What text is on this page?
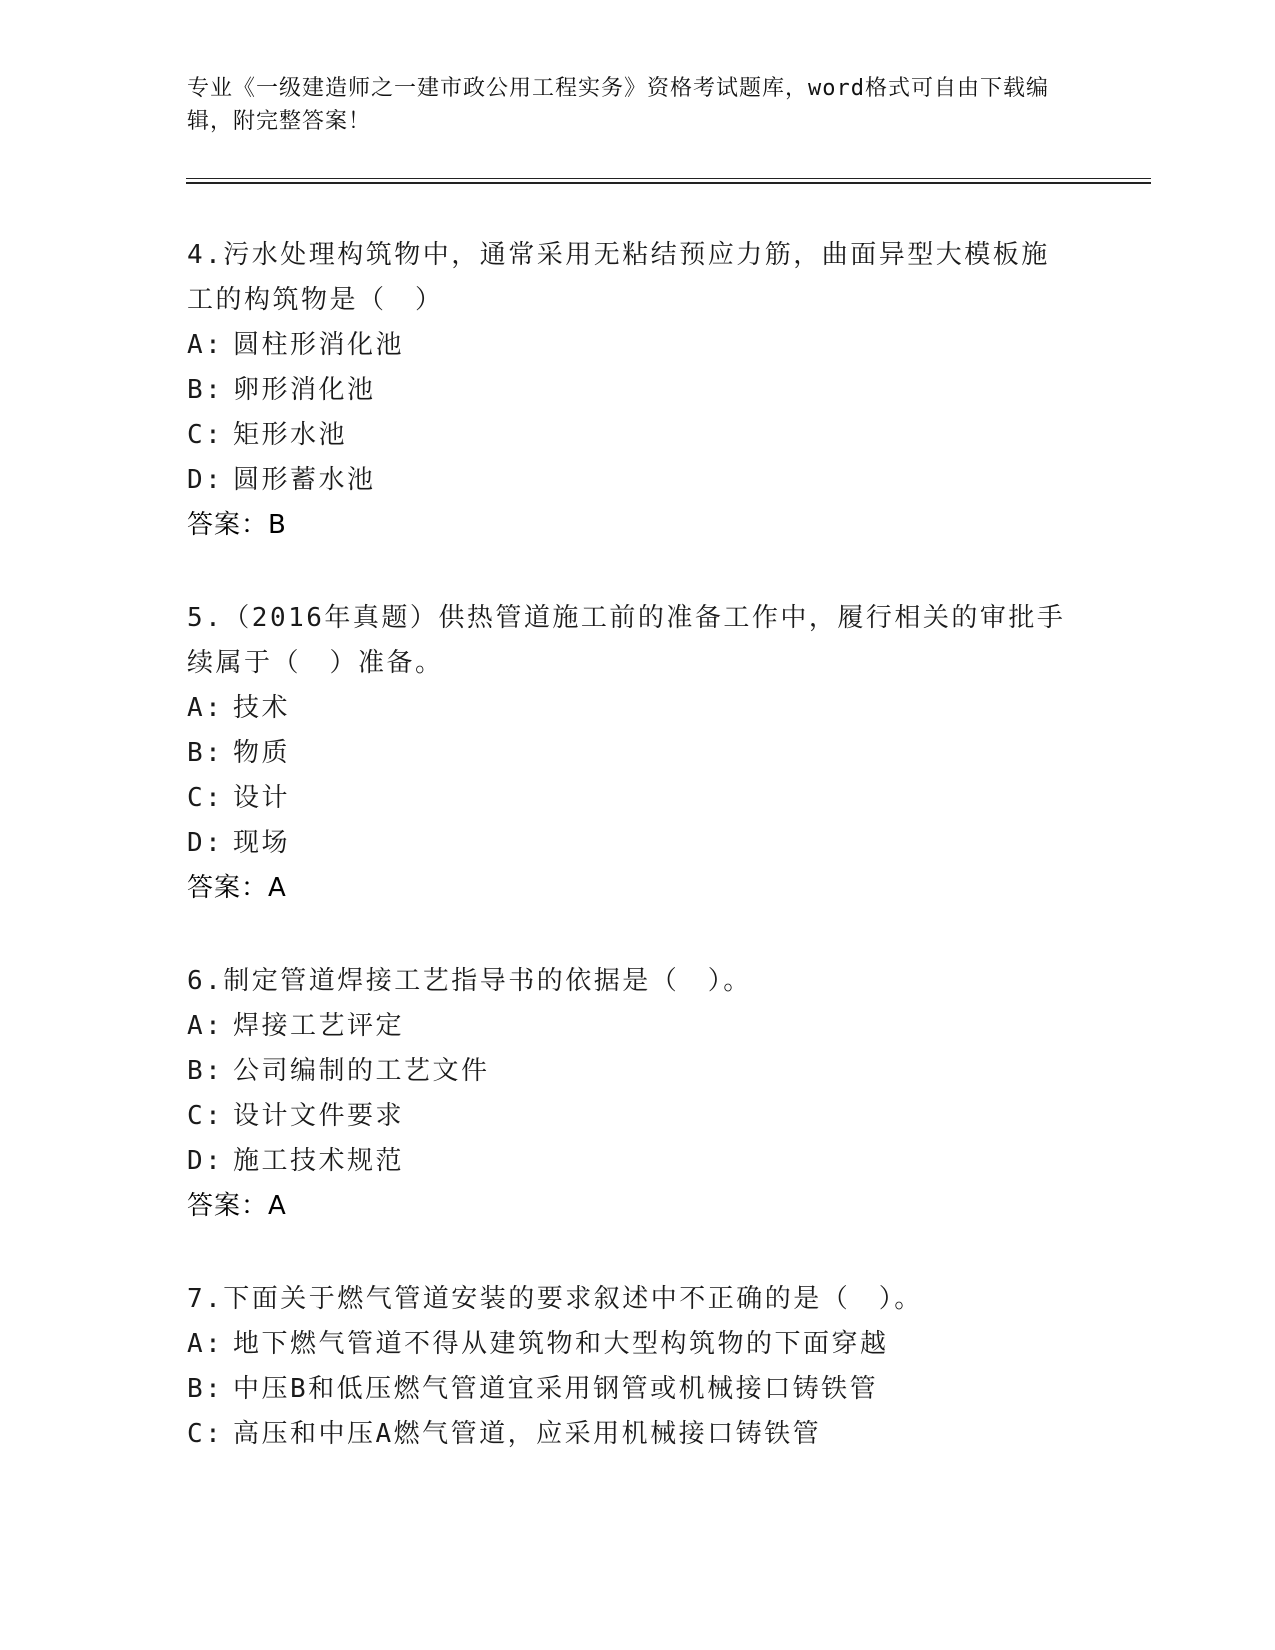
专业《一级建造师之一建市政公用工程实务》资格考试题库，word格式可自由下载编辑，附完整答案！

4.污水处理构筑物中，通常采用无粘结预应力筋，曲面异型大模板施工的构筑物是（　）

A: 圆柱形消化池

B: 卵形消化池

C: 矩形水池

D: 圆形蓄水池

答案：B

5.（2016年真题）供热管道施工前的准备工作中，履行相关的审批手续属于（　）准备。

A: 技术

B: 物质

C: 设计

D: 现场

答案：A

6.制定管道焊接工艺指导书的依据是（　）。

A: 焊接工艺评定

B: 公司编制的工艺文件

C: 设计文件要求

D: 施工技术规范

答案：A

7.下面关于燃气管道安装的要求叙述中不正确的是（　）。

A: 地下燃气管道不得从建筑物和大型构筑物的下面穿越

B: 中压B和低压燃气管道宜采用钢管或机械接口铸铁管

C: 高压和中压A燃气管道，应采用机械接口铸铁管
